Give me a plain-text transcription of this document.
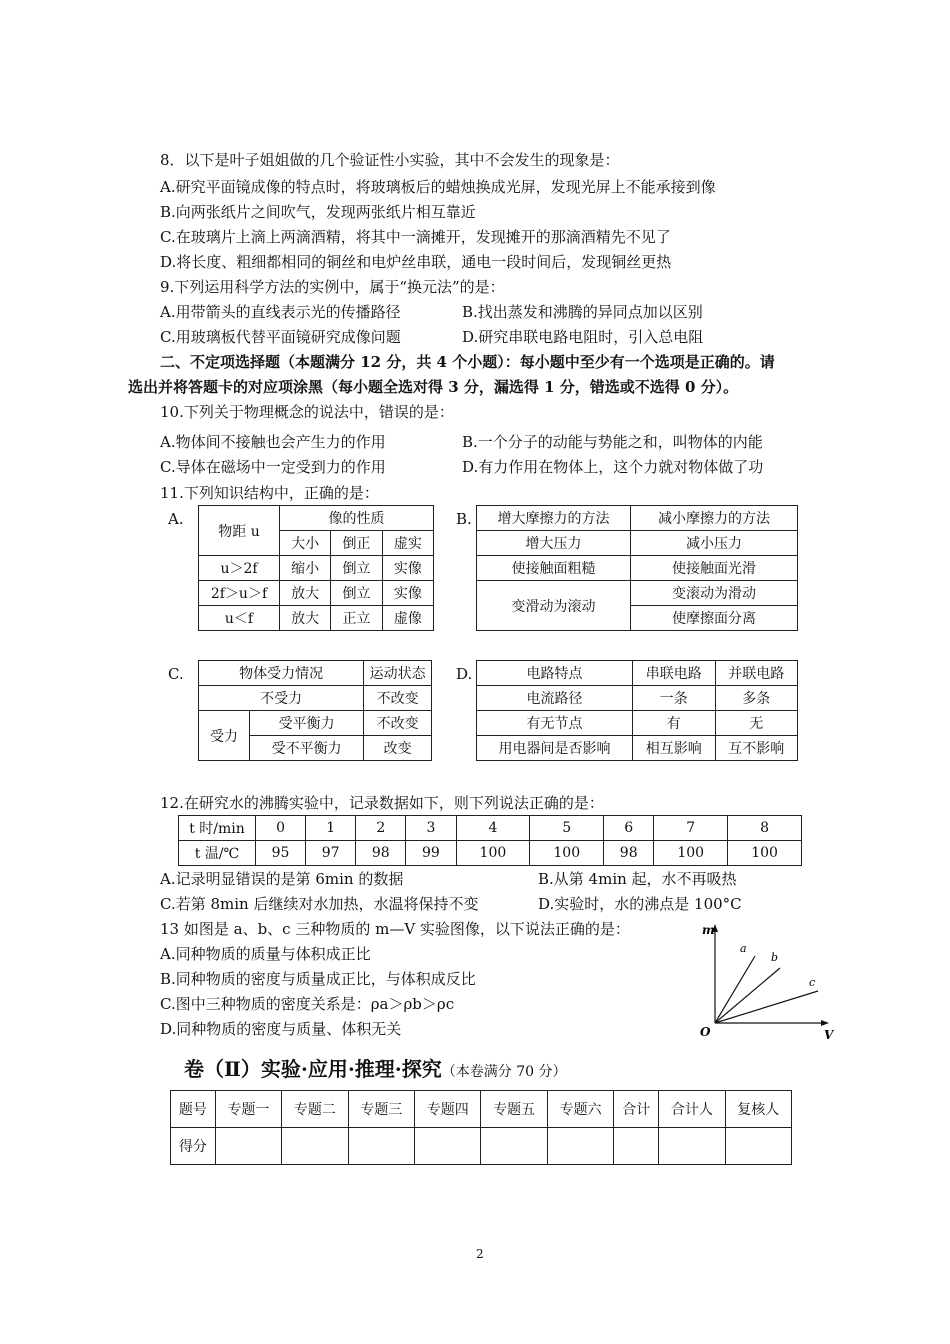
8．以下是叶子姐姐做的几个验证性小实验，其中不会发生的现象是：
A.研究平面镜成像的特点时，将玻璃板后的蜡烛换成光屏，发现光屏上不能承接到像
B.向两张纸片之间吹气，发现两张纸片相互靠近
C.在玻璃片上滴上两滴酒精，将其中一滴摊开，发现摊开的那滴酒精先不见了
D.将长度、粗细都相同的铜丝和电炉丝串联，通电一段时间后，发现铜丝更热
9.下列运用科学方法的实例中，属于“换元法”的是：
A.用带箭头的直线表示光的传播路径	B.找出蒸发和沸腾的异同点加以区别
C.用玻璃板代替平面镜研究成像问题	D.研究串联电路电阻时，引入总电阻
二、不定项选择题（本题满分 12 分，共 4 个小题）：每小题中至少有一个选项是正确的。请
选出并将答题卡的对应项涂黑（每小题全选对得 3 分，漏选得 1 分，错选或不选得 0 分）。
10.下列关于物理概念的说法中，错误的是：
A.物体间不接触也会产生力的作用	B.一个分子的动能与势能之和，叫物体的内能
C.导体在磁场中一定受到力的作用	D.有力作用在物体上，这个力就对物体做了功
11.下列知识结构中，正确的是：
A.
物距 u	像的性质		
	大小	倒正	虚实
u＞2f	缩小	倒立	实像
2f＞u＞f	放大	倒立	实像
u＜f	放大	正立	虚像
B. 增大摩擦力的方法	减小摩擦力的方法
增大压力	减小压力
使接触面粗糙	使接触面光滑
变滑动为滚动	变滚动为滑动
	使摩擦面分离
C.	物体受力情况		运动状态
不受力		不改变
受力	受平衡力	不改变
	受不平衡力	改变
D.	电路特点	串联电路	并联电路
电流路径	一条	多条
有无节点	有	无
用电器间是否影响	相互影响	互不影响
12.在研究水的沸腾实验中，记录数据如下，则下列说法正确的是：
t 时/min	0	1	2	3	4	5	6	7	8
t 温/℃	95	97	98	99	100	100	98	100	100
A.记录明显错误的是第 6min 的数据	B.从第 4min 起，水不再吸热
C.若第 8min 后继续对水加热，水温将保持不变	D.实验时，水的沸点是 100°C
13 如图是 a、b、c 三种物质的 m—V 实验图像，以下说法正确的是：
A.同种物质的质量与体积成正比
B.同种物质的密度与质量成正比，与体积成反比
C.图中三种物质的密度关系是：ρa＞ρb＞ρc
D.同种物质的密度与质量、体积无关
m
V
O
a
b
c
卷（Ⅱ）实验·应用·推理·探究（本卷满分 70 分）
题号	专题一	专题二	专题三	专题四	专题五	专题六	合计	合计人	复核人
得分									
2
